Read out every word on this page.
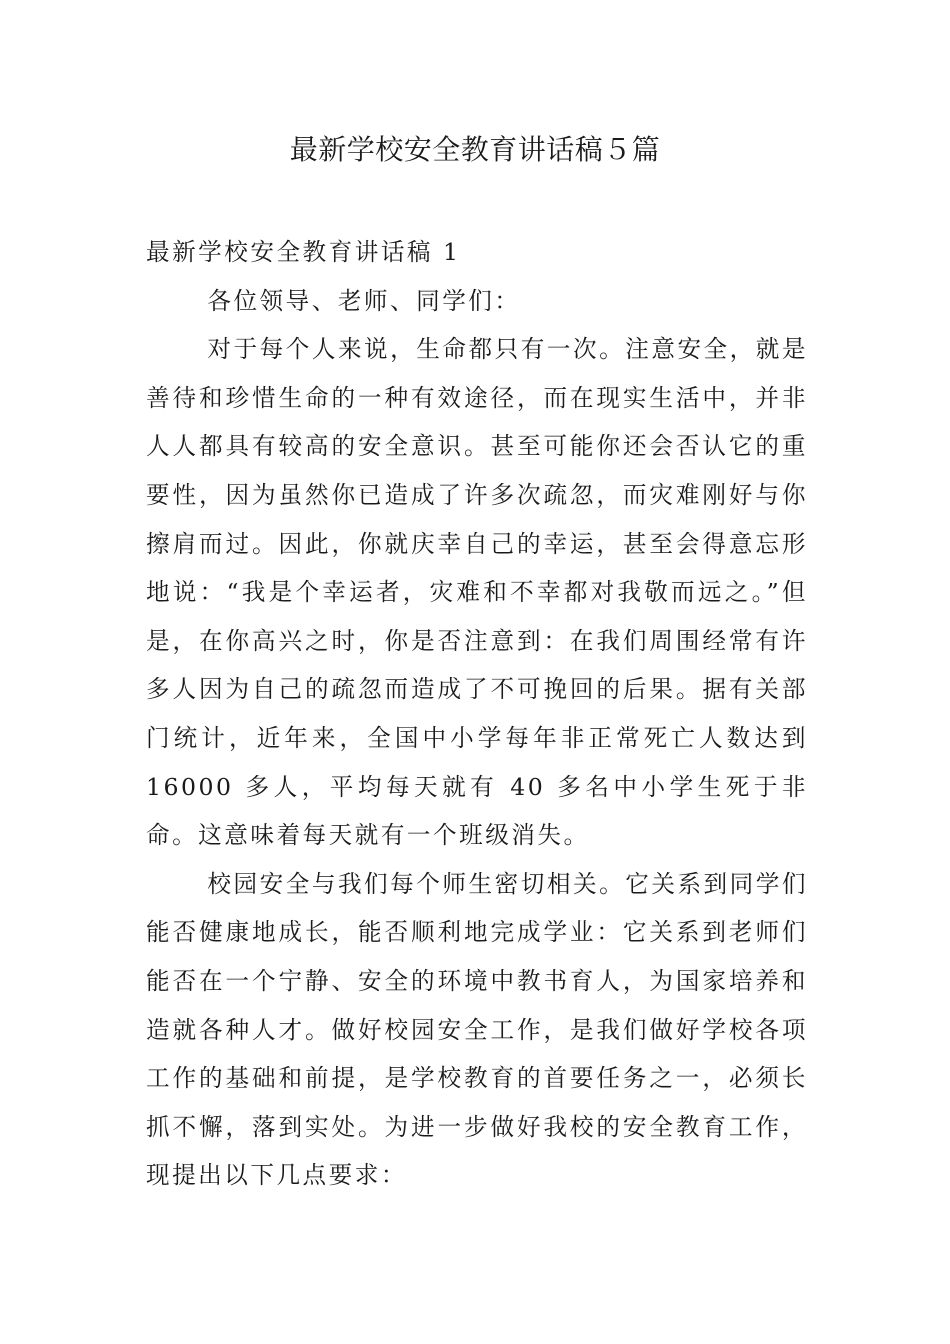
最新学校安全教育讲话稿５篇

最新学校安全教育讲话稿 1

各位领导、老师、同学们：

对于每个人来说，生命都只有一次。注意安全，就是善待和珍惜生命的一种有效途径，而在现实生活中，并非人人都具有较高的安全意识。甚至可能你还会否认它的重要性，因为虽然你已造成了许多次疏忽，而灾难刚好与你擦肩而过。因此，你就庆幸自己的幸运，甚至会得意忘形地说：“我是个幸运者，灾难和不幸都对我敬而远之。”但是，在你高兴之时，你是否注意到：在我们周围经常有许多人因为自己的疏忽而造成了不可挽回的后果。据有关部门统计，近年来，全国中小学每年非正常死亡人数达到 16000 多人，平均每天就有 40 多名中小学生死于非命。这意味着每天就有一个班级消失。

校园安全与我们每个师生密切相关。它关系到同学们能否健康地成长，能否顺利地完成学业：它关系到老师们能否在一个宁静、安全的环境中教书育人，为国家培养和造就各种人才。做好校园安全工作，是我们做好学校各项工作的基础和前提，是学校教育的首要任务之一，必须长抓不懈，落到实处。为进一步做好我校的安全教育工作，现提出以下几点要求：
